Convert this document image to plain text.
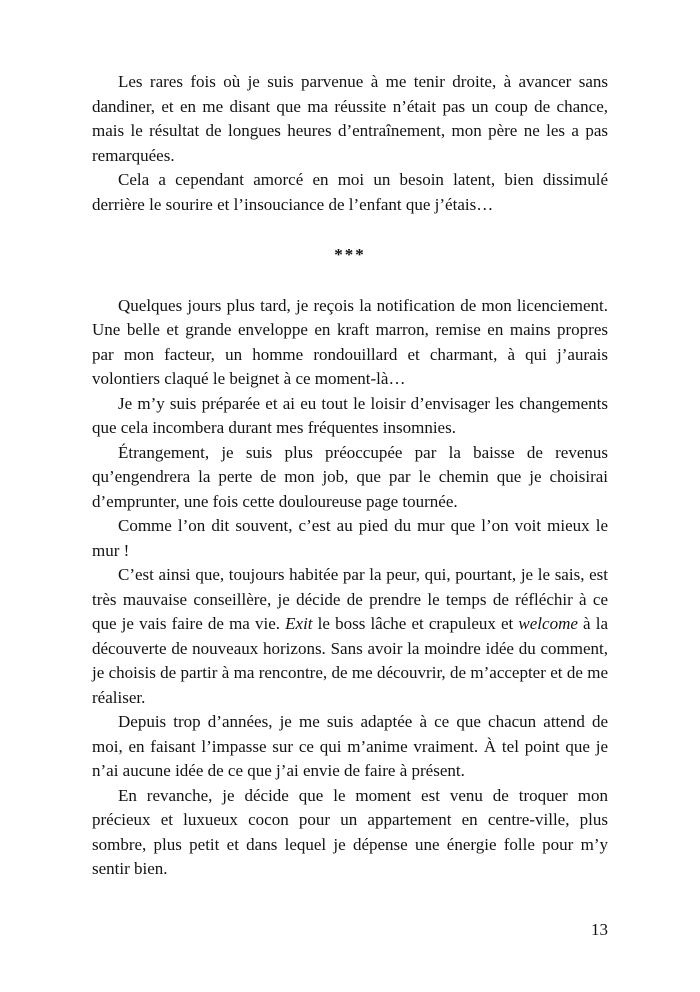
Les rares fois où je suis parvenue à me tenir droite, à avancer sans dandiner, et en me disant que ma réussite n’était pas un coup de chance, mais le résultat de longues heures d’entraînement, mon père ne les a pas remarquées.

Cela a cependant amorcé en moi un besoin latent, bien dissimulé derrière le sourire et l’insouciance de l’enfant que j’étais…

***

Quelques jours plus tard, je reçois la notification de mon licenciement. Une belle et grande enveloppe en kraft marron, remise en mains propres par mon facteur, un homme rondouillard et charmant, à qui j’aurais volontiers claqué le beignet à ce moment-là…

Je m’y suis préparée et ai eu tout le loisir d’envisager les changements que cela incombera durant mes fréquentes insomnies.

Étrangement, je suis plus préoccupée par la baisse de revenus qu’engendrera la perte de mon job, que par le chemin que je choisirai d’emprunter, une fois cette douloureuse page tournée.

Comme l’on dit souvent, c’est au pied du mur que l’on voit mieux le mur !

C’est ainsi que, toujours habitée par la peur, qui, pourtant, je le sais, est très mauvaise conseillère, je décide de prendre le temps de réfléchir à ce que je vais faire de ma vie. Exit le boss lâche et crapuleux et welcome à la découverte de nouveaux horizons. Sans avoir la moindre idée du comment, je choisis de partir à ma rencontre, de me découvrir, de m’accepter et de me réaliser.

Depuis trop d’années, je me suis adaptée à ce que chacun attend de moi, en faisant l’impasse sur ce qui m’anime vraiment. À tel point que je n’ai aucune idée de ce que j’ai envie de faire à présent.

En revanche, je décide que le moment est venu de troquer mon précieux et luxueux cocon pour un appartement en centre-ville, plus sombre, plus petit et dans lequel je dépense une énergie folle pour m’y sentir bien.

13
